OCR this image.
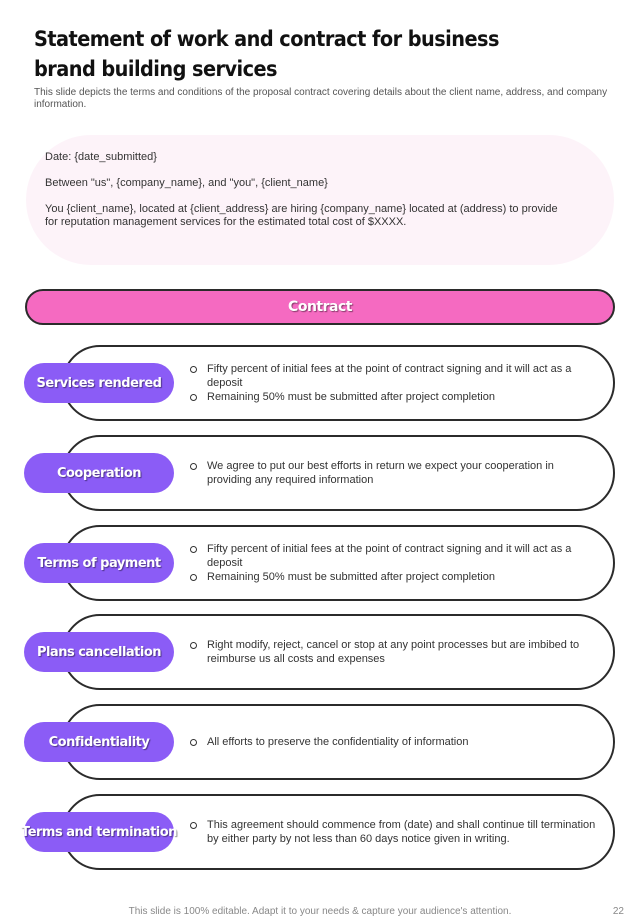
Statement of work and contract for business brand building services

This slide depicts the terms and conditions of the proposal contract covering details about the client name, address, and company information.

Date: {date_submitted}

Between "us", {company_name}, and "you", {client_name}

You {client_name}, located at {client_address} are hiring {company_name} located at (address) to provide for reputation management services for the estimated total cost of $XXXX.

Contract
Services rendered
Fifty percent of initial fees at the point of contract signing and it will act as a deposit
Remaining 50% must be submitted after project completion
Cooperation	We agree to put our best efforts in return we expect your cooperation in providing any required information
Terms of payment
Fifty percent of initial fees at the point of contract signing and it will act as a deposit
Remaining 50% must be submitted after project completion
Plans cancellation	Right modify, reject, cancel or stop at any point processes but are imbibed to reimburse us all costs and expenses
Confidentiality	All efforts to preserve the confidentiality of information
Terms and termination	This agreement should commence from (date) and shall continue till termination by either party by not less than 60 days notice given in writing.
This slide is 100% editable. Adapt it to your needs & capture your audience's attention.	22
